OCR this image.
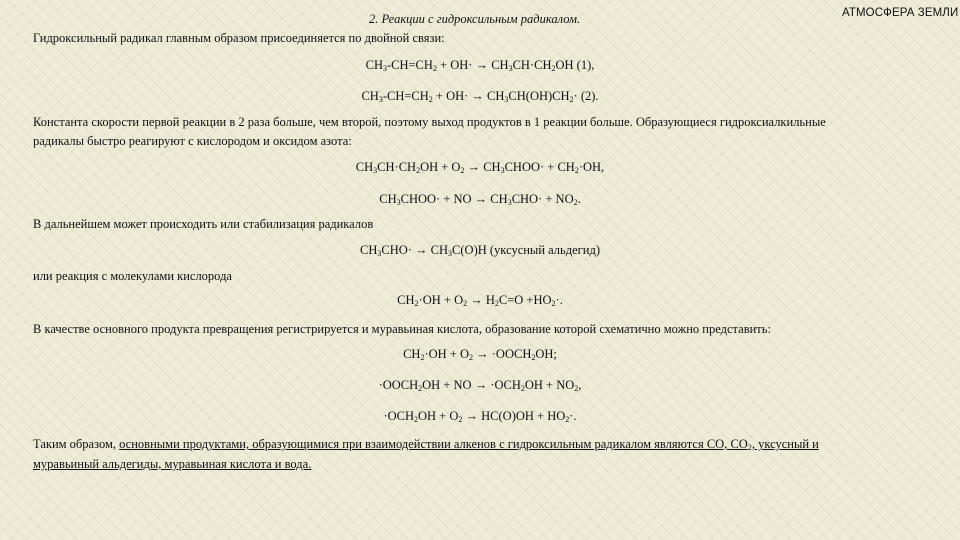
2. Реакции с гидроксильным радикалом.	АТМОСФЕРА ЗЕМЛИ
Гидроксильный радикал главным образом присоединяется по двойной связи:
$CH_3-CH=CH_2 + OH\cdot \to CH_3CH\cdot CH_2OH$ (1),
$CH_3-CH=CH_2 + OH\cdot \to CH_3CH(OH)CH_2\cdot (2)$.
Константа скорости первой реакции в 2 раза больше, чем второй, поэтому выход продуктов в 1 реакции больше. Образующиеся гидроксиалкильные
радикалы быстро реагируют с кислородом и оксидом азота:
$CH_3CH\cdot CH_2OH + O_2$ → $CH_3CHOO\cdot + CH_2\cdot OH$,
$CH_3CHOO\cdot$ + NO → $CH_3CHO\cdot + NO_2$.
В дальнейшем может происходить или стабилизация радикалов
$CH_3CHO\cdot \to CH_3C(O)H$ (уксусный альдегид)
или реакция с молекулами кислорода
$CH_2\cdot OH + O_2 \to H_2C=O +HO_2\cdot$.
В качестве основного продукта превращения регистрируется и муравьиная кислота, образование которой схематично можно представить:
$CH_2\cdot OH + O_2$ → $\cdot OOCH_2OH$;
$\cdot OOCH_2OH$ + NO → $\cdot OCH_2OH + NO_2$,
$\cdot OCH_2OH + O_2 \to HC(O)OH + HO_2\cdot$.
Таким образом, основными продуктами, образующимися при взаимодействии алкенов с гидроксильным радикалом являются CO, $CO_2$, уксусный и
муравьиный альдегиды, муравьиная кислота и вода.
